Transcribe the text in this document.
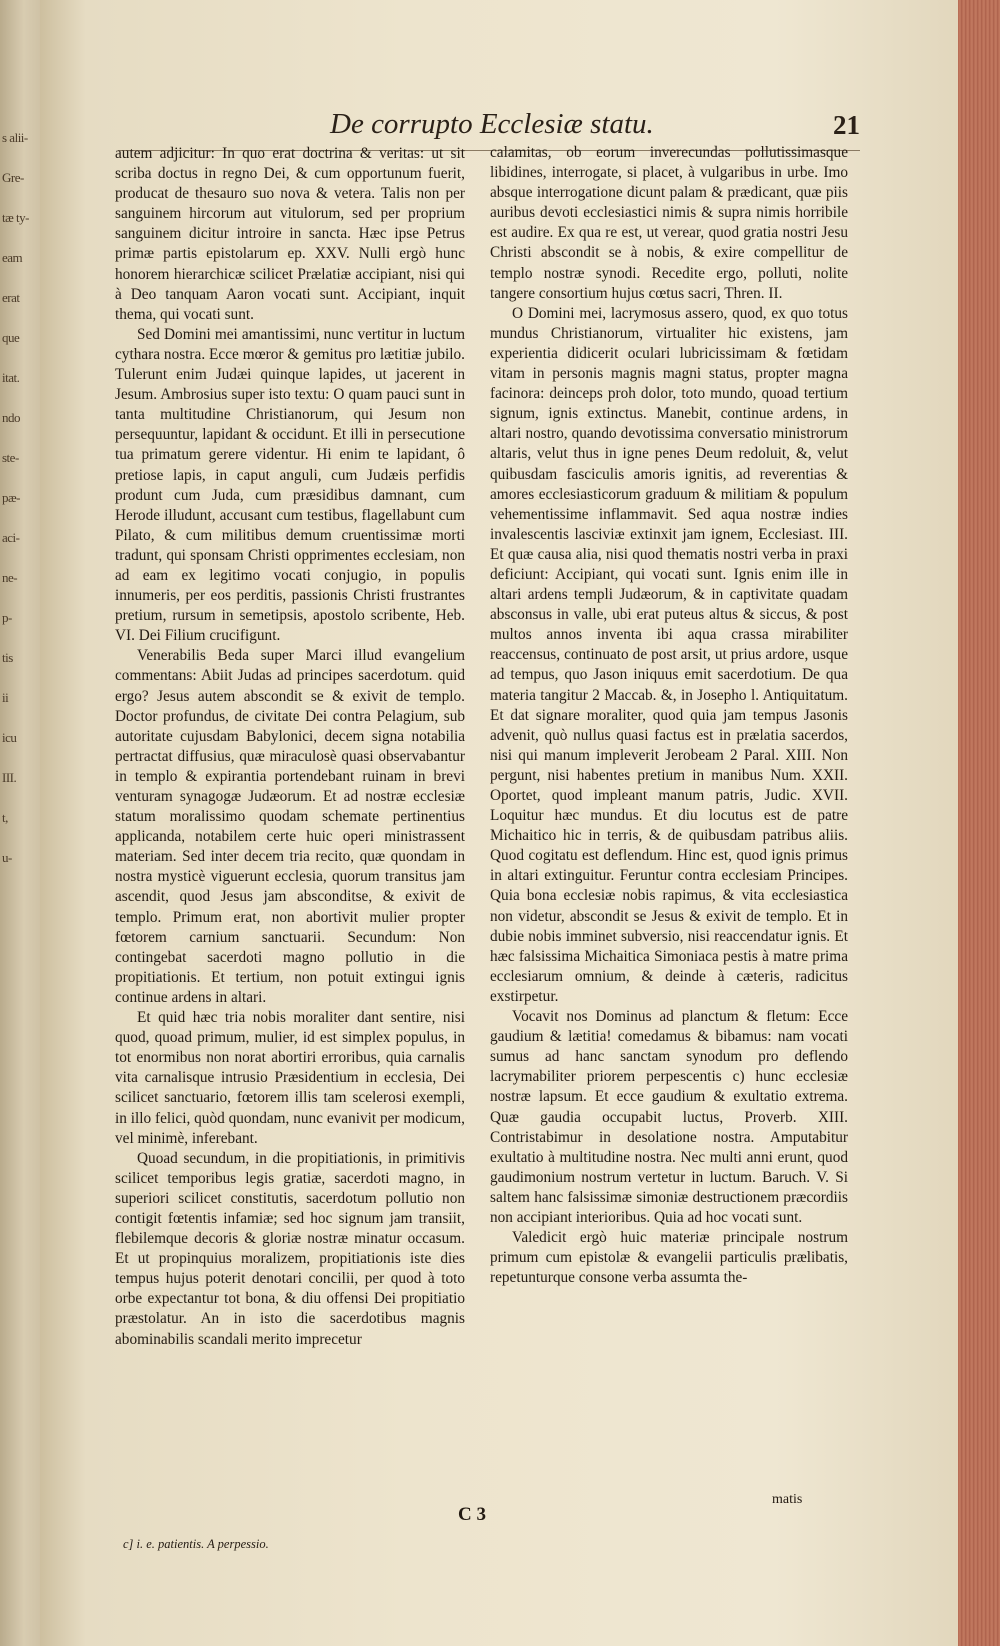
s alii-
Gre-
tæ ty-
eam
erat
que
itat.
ndo
ste-
pæ-
aci-
ne-
p-
tis
ii
icu
III.
t,
u-
De corrupto Ecclesiæ statu.	21

autem adjicitur: In quo erat doctrina & veritas: ut sit scriba doctus in regno Dei, & cum opportunum fuerit, producat de thesauro suo nova & vetera. Talis non per sanguinem hircorum aut vitulorum, sed per proprium sanguinem dicitur introire in sancta. Hæc ipse Petrus primæ partis epistolarum ep. XXV. Nulli ergò hunc honorem hierarchicæ scilicet Prælatiæ accipiant, nisi qui à Deo tanquam Aaron vocati sunt. Accipiant, inquit thema, qui vocati sunt.

Sed Domini mei amantissimi, nunc vertitur in luctum cythara nostra. Ecce mœror & gemitus pro lætitiæ jubilo. Tulerunt enim Judæi quinque lapides, ut jacerent in Jesum. Ambrosius super isto textu: O quam pauci sunt in tanta multitudine Christianorum, qui Jesum non persequuntur, lapidant & occidunt. Et illi in persecutione tua primatum gerere videntur. Hi enim te lapidant, ô pretiose lapis, in caput anguli, cum Judæis perfidis produnt cum Juda, cum præsidibus damnant, cum Herode illudunt, accusant cum testibus, flagellabunt cum Pilato, & cum militibus demum cruentissimæ morti tradunt, qui sponsam Christi opprimentes ecclesiam, non ad eam ex legitimo vocati conjugio, in populis innumeris, per eos perditis, passionis Christi frustrantes pretium, rursum in semetipsis, apostolo scribente, Heb. VI. Dei Filium crucifigunt.

Venerabilis Beda super Marci illud evangelium commentans: Abiit Judas ad principes sacerdotum. quid ergo? Jesus autem abscondit se & exivit de templo. Doctor profundus, de civitate Dei contra Pelagium, sub autoritate cujusdam Babylonici, decem signa notabilia pertractat diffusius, quæ miraculosè quasi observabantur in templo & expirantia portendebant ruinam in brevi venturam synagogæ Judæorum. Et ad nostræ ecclesiæ statum moralissimo quodam schemate pertinentius applicanda, notabilem certe huic operi ministrassent materiam. Sed inter decem tria recito, quæ quondam in nostra mysticè viguerunt ecclesia, quorum transitus jam ascendit, quod Jesus jam absconditse, & exivit de templo. Primum erat, non abortivit mulier propter fœtorem carnium sanctuarii. Secundum: Non contingebat sacerdoti magno pollutio in die propitiationis. Et tertium, non potuit extingui ignis continue ardens in altari.

Et quid hæc tria nobis moraliter dant sentire, nisi quod, quoad primum, mulier, id est simplex populus, in tot enormibus non norat abortiri erroribus, quia carnalis vita carnalisque intrusio Præsidentium in ecclesia, Dei scilicet sanctuario, fœtorem illis tam scelerosi exempli, in illo felici, quòd quondam, nunc evanivit per modicum, vel minimè, inferebant.

Quoad secundum, in die propitiationis, in primitivis scilicet temporibus legis gratiæ, sacerdoti magno, in superiori scilicet constitutis, sacerdotum pollutio non contigit fœtentis infamiæ; sed hoc signum jam transiit, flebilemque decoris & gloriæ nostræ minatur occasum. Et ut propinquius moralizem, propitiationis iste dies tempus hujus poterit denotari concilii, per quod à toto orbe expectantur tot bona, & diu offensi Dei propitiatio præstolatur. An in isto die sacerdotibus magnis abominabilis scandali merito imprecetur

calamitas, ob eorum inverecundas pollutissimasque libidines, interrogate, si placet, à vulgaribus in urbe. Imo absque interrogatione dicunt palam & prædicant, quæ piis auribus devoti ecclesiastici nimis & supra nimis horribile est audire. Ex qua re est, ut verear, quod gratia nostri Jesu Christi abscondit se à nobis, & exire compellitur de templo nostræ synodi. Recedite ergo, polluti, nolite tangere consortium hujus cœtus sacri, Thren. II.

O Domini mei, lacrymosus assero, quod, ex quo totus mundus Christianorum, virtualiter hic existens, jam experientia didicerit oculari lubricissimam & fœtidam vitam in personis magnis magni status, propter magna facinora: deinceps proh dolor, toto mundo, quoad tertium signum, ignis extinctus. Manebit, continue ardens, in altari nostro, quando devotissima conversatio ministrorum altaris, velut thus in igne penes Deum redoluit, &, velut quibusdam fasciculis amoris ignitis, ad reverentias & amores ecclesiasticorum graduum & militiam & populum vehementissime inflammavit. Sed aqua nostræ indies invalescentis lasciviæ extinxit jam ignem, Ecclesiast. III. Et quæ causa alia, nisi quod thematis nostri verba in praxi deficiunt: Accipiant, qui vocati sunt. Ignis enim ille in altari ardens templi Judæorum, & in captivitate quadam absconsus in valle, ubi erat puteus altus & siccus, & post multos annos inventa ibi aqua crassa mirabiliter reaccensus, continuato de post arsit, ut prius ardore, usque ad tempus, quo Jason iniquus emit sacerdotium. De qua materia tangitur 2 Maccab. &, in Josepho l. Antiquitatum. Et dat signare moraliter, quod quia jam tempus Jasonis advenit, quò nullus quasi factus est in prælatia sacerdos, nisi qui manum impleverit Jerobeam 2 Paral. XIII. Non pergunt, nisi habentes pretium in manibus Num. XXII. Oportet, quod impleant manum patris, Judic. XVII. Loquitur hæc mundus. Et diu locutus est de patre Michaitico hic in terris, & de quibusdam patribus aliis. Quod cogitatu est deflendum. Hinc est, quod ignis primus in altari extinguitur. Feruntur contra ecclesiam Principes. Quia bona ecclesiæ nobis rapimus, & vita ecclesiastica non videtur, abscondit se Jesus & exivit de templo. Et in dubie nobis imminet subversio, nisi reaccendatur ignis. Et hæc falsissima Michaitica Simoniaca pestis à matre prima ecclesiarum omnium, & deinde à cæteris, radicitus exstirpetur.

Vocavit nos Dominus ad planctum & fletum: Ecce gaudium & lætitia! comedamus & bibamus: nam vocati sumus ad hanc sanctam synodum pro deflendo lacrymabiliter priorem perpescentis c) hunc ecclesiæ nostræ lapsum. Et ecce gaudium & exultatio extrema. Quæ gaudia occupabit luctus, Proverb. XIII. Contristabimur in desolatione nostra. Amputabitur exultatio à multitudine nostra. Nec multi anni erunt, quod gaudimonium nostrum vertetur in luctum. Baruch. V. Si saltem hanc falsissimæ simoniæ destructionem præcordiis non accipiant interioribus. Quia ad hoc vocati sunt.

Valedicit ergò huic materiæ principale nostrum primum cum epistolæ & evangelii particulis prælibatis, repetunturque consone verba assumta the-

C 3
matis
c] i. e. patientis. A perpessio.
